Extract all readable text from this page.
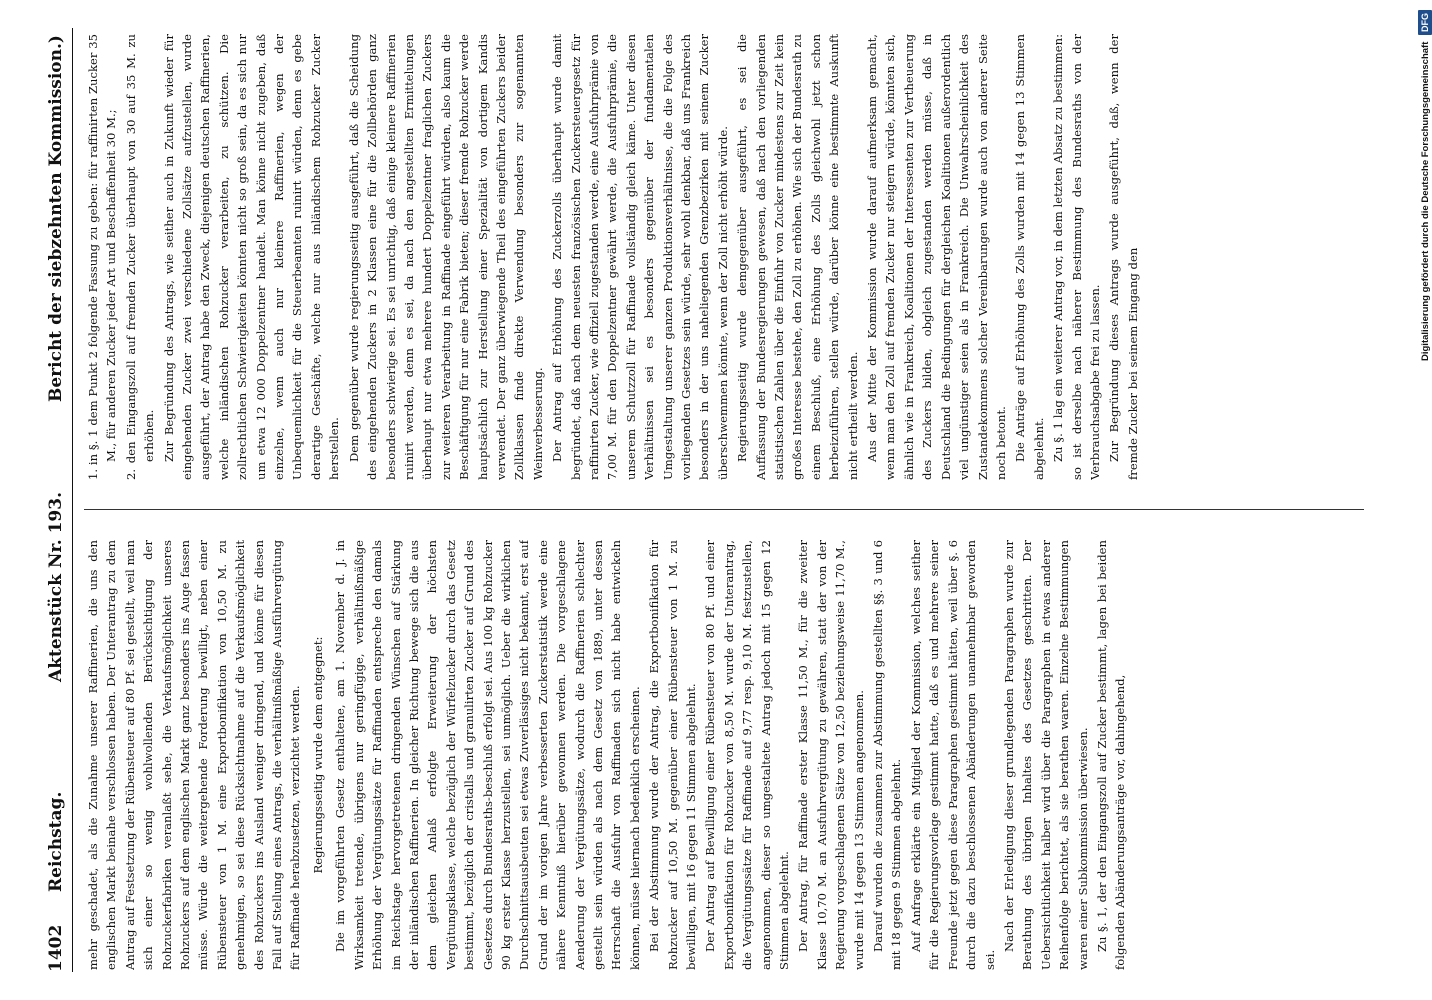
1402
Reichstag.
Aktenstück Nr. 193.
Bericht der siebzehnten Kommission.)

mehr geschadet, als die Zunahme unserer Raffinerien, die uns den englischen Markt beinahe verschlossen haben. Der Unterantrag zu dem Antrag auf Festsetzung der Rübensteuer auf 80 Pf. sei gestellt, weil man sich einer so wenig wohlwollenden Berücksichtigung der Rohzuckerfabriken veranlaßt sehe, die Verkaufsmöglichkeit unseres Rohzuckers auf dem englischen Markt ganz besonders ins Auge fassen müsse. Würde die weitergehende Forderung bewilligt, neben einer Rübensteuer von 1 M. eine Exportbonifikation von 10,50 M. zu genehmigen, so sei diese Rücksichtnahme auf die Verkaufsmöglichkeit des Rohzuckers ins Ausland weniger dringend, und könne für diesen Fall auf Stellung eines Antrags, die verhältnißmäßige Ausführvergütung für Raffinade herabzusetzen, verzichtet werden. Regierungsseitig wurde dem entgegnet: Die im vorgeführten Gesetz enthaltene, am 1. November d. J. in Wirksamkeit tretende, übrigens nur geringfügige, verhältnißmäßige Erhöhung der Vergütungssätze für Raffinaden entspreche den damals im Reichstage hervorgetretenen dringenden Wünschen auf Stärkung der inländischen Raffinerien. In gleicher Richtung bewege sich die aus dem gleichen Anlaß erfolgte Erweiterung der höchsten Vergütungsklasse, welche bezüglich der Würfelzucker durch das Gesetz bestimmt, bezüglich der cristalls und granulirten Zucker auf Grund des Gesetzes durch Bundesraths-beschluß erfolgt sei. Aus 100 kg Rohzucker 90 kg erster Klasse herzustellen, sei unmöglich. Ueber die wirklichen Durchschnittsausbeuten sei etwas Zuverlässiges nicht bekannt, erst auf Grund der im vorigen Jahre verbesserten Zuckerstatistik werde eine nähere Kenntniß hierüber gewonnen werden. Die vorgeschlagene Aenderung der Vergütungssätze, wodurch die Raffinerien schlechter gestellt sein würden als nach dem Gesetz von 1889, unter dessen Herrschaft die Ausfuhr von Raffinaden sich nicht habe entwickeln können, müsse hiernach bedenklich erscheinen. Bei der Abstimmung wurde der Antrag, die Exportbonifikation für Rohzucker auf 10,50 M. gegenüber einer Rübensteuer von 1 M. zu bewilligen, mit 16 gegen 11 Stimmen abgelehnt. Der Antrag auf Bewilligung einer Rübensteuer von 80 Pf. und einer Exportbonifikation für Rohzucker von 8,50 M. wurde der Unterantrag, die Vergütungssätze für Raffinade auf 9,77 resp. 9,10 M. festzustellen, angenommen, dieser so umgestaltete Antrag jedoch mit 15 gegen 12 Stimmen abgelehnt. Der Antrag, für Raffinade erster Klasse 11,50 M., für die zweiter Klasse 10,70 M. an Ausfuhrvergütung zu gewähren, statt der von der Regierung vorgeschlagenen Sätze von 12,50 beziehungsweise 11,70 M., wurde mit 14 gegen 13 Stimmen angenommen. Darauf wurden die zusammen zur Abstimmung gestellten §§. 3 und 6 mit 18 gegen 9 Stimmen abgelehnt. Auf Anfrage erklärte ein Mitglied der Kommission, welches seither für die Regierungsvorlage gestimmt hatte, daß es und mehrere seiner Freunde jetzt gegen diese Paragraphen gestimmt hätten, weil über §. 6 durch die dazu beschlossenen Abänderungen unannehmbar geworden sei.

Nach der Erledigung dieser grundlegenden Paragraphen wurde zur Berathung des übrigen Inhaltes des Gesetzes geschritten. Der Uebersichtlichkeit halber wird über die Paragraphen in etwas anderer Reihenfolge berichtet, als sie berathen waren. Einzelne Bestimmungen waren einer Subkommission überwiesen. Zu §. 1, der den Eingangszoll auf Zucker bestimmt, lagen bei beiden folgenden Abänderungsanträge vor, dahingehend,

1. in §. 1 dem Punkt 2 folgende Fassung zu geben: für raffinirten Zucker 35 M., für anderen Zucker jeder Art und Beschaffenheit 30 M.; 2. den Eingangszoll auf fremden Zucker überhaupt von 30 auf 35 M. zu erhöhen. Zur Begründung des Antrags, wie seither auch in Zukunft wieder für eingehenden Zucker zwei verschiedene Zollsätze aufzustellen, wurde ausgeführt, der Antrag habe den Zweck, diejenigen deutschen Raffinerien, welche inländischen Rohzucker verarbeiten, zu schützen. Die zollrechtlichen Schwierigkeiten könnten nicht so groß sein, da es sich nur um etwa 12 000 Doppelzentner handelt. Man könne nicht zugeben, daß einzelne, wenn auch nur kleinere Raffinerien, wegen der Unbequemlichkeit für die Steuerbeamten ruinirt würden, denn es gebe derartige Geschäfte, welche nur aus inländischem Rohzucker Zucker herstellen. Dem gegenüber wurde regierungsseitig ausgeführt, daß die Scheidung des eingehenden Zuckers in 2 Klassen eine für die Zollbehörden ganz besonders schwierige sei. Es sei unrichtig, daß einige kleinere Raffinerien ruinirt werden, denn es sei, da nach den angestellten Ermittelungen überhaupt nur etwa mehrere hundert Doppelzentner fraglichen Zuckers zur weiteren Verarbeitung in Raffinade eingeführt würden, also kaum die Beschäftigung für nur eine Fabrik bieten; dieser fremde Rohzucker werde hauptsächlich zur Herstellung einer Spezialität von dortigem Kandis verwendet. Der ganz überwiegende Theil des eingeführten Zuckers beider Zollklassen finde direkte Verwendung besonders zur sogenannten Weinverbesserung. Der Antrag auf Erhöhung des Zuckerzolls überhaupt wurde damit begründet, daß nach dem neuesten französischen Zuckersteuergesetz für raffinirten Zucker, wie offiziell zugestanden werde, eine Ausfuhrprämie von 7,00 M. für den Doppelzentner gewährt werde, die Ausfuhrprämie, die unserem Schutzzoll für Raffinade vollständig gleich käme. Unter diesen Verhältnissen sei es besonders gegenüber der fundamentalen Umgestaltung unserer ganzen Produktionsverhältnisse, die die Folge des vorliegenden Gesetzes sein würde, sehr wohl denkbar, daß uns Frankreich besonders in der uns naheliegenden Grenzbezirken mit seinem Zucker überschwemmen könnte, wenn der Zoll nicht erhöht würde. Regierungsseitig wurde demgegenüber ausgeführt, es sei die Auffassung der Bundesregierungen gewesen, daß nach den vorliegenden statistischen Zahlen über die Einfuhr von Zucker mindestens zur Zeit kein großes Interesse bestehe, den Zoll zu erhöhen. Wie sich der Bundesrath zu einem Beschluß, eine Erhöhung des Zolls gleichwohl jetzt schon herbeizuführen, stellen würde, darüber könne eine bestimmte Auskunft nicht ertheilt werden. Aus der Mitte der Kommission wurde darauf aufmerksam gemacht, wenn man den Zoll auf fremden Zucker nur steigern würde, könnten sich, ähnlich wie in Frankreich, Koalitionen der Interessenten zur Vertheuerung des Zuckers bilden, obgleich zugestanden werden müsse, daß in Deutschland die Bedingungen für dergleichen Koalitionen außerordentlich viel ungünstiger seien als in Frankreich. Die Unwahrscheinlichkeit des Zustandekommens solcher Vereinbarungen wurde auch von anderer Seite noch betont. Die Anträge auf Erhöhung des Zolls wurden mit 14 gegen 13 Stimmen abgelehnt. Zu §. 1 lag ein weiterer Antrag vor, in dem letzten Absatz zu bestimmen: so ist derselbe nach näherer Bestimmung des Bundesraths von der Verbrauchsabgabe frei zu lassen. Zur Begründung dieses Antrags wurde ausgeführt, daß, wenn der fremde Zucker bei seinem Eingang den

Digitalisierung gefördert durch die Deutsche Forschungsgemeinschaft DFG
